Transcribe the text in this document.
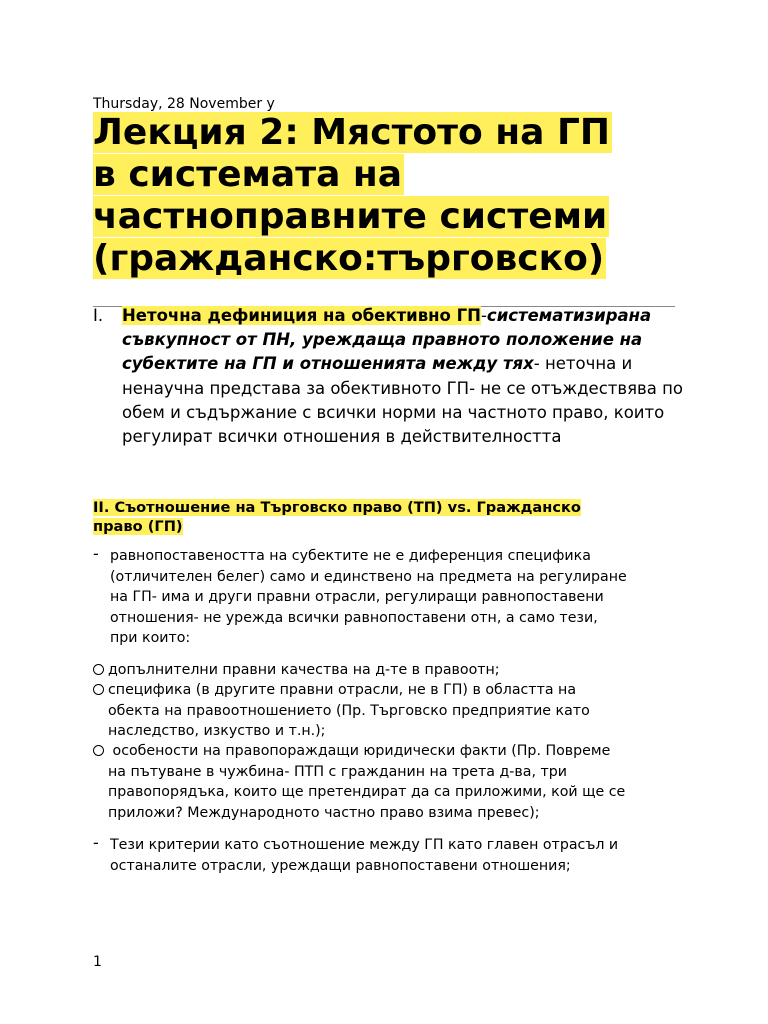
Thursday, 28 November y
Лекция 2: Мястото на ГП
в системата на
частноправните системи
(гражданско:търговско)
I. Неточна дефиниция на обективно ГП-систематизирана съвкупност от ПН, уреждаща правното положение на субектите на ГП и отношенията между тях- неточна и ненаучна представа за обективното ГП- не се отъждествява по обем и съдържание с всички норми на частното право, които регулират всички отношения в действителността
II. Съотношение на Търговско право (ТП) vs. Гражданско
право (ГП)
- равнопоставеността на субектите не е диференция специфика
(отличителен белег) само и единствено на предмета на регулиране
на ГП- има и други правни отрасли, регулиращи равнопоставени
отношения- не урежда всички равнопоставени отн, а само тези,
при които:
допълнителни правни качества на д-те в правоотн;
специфика (в другите правни отрасли, не в ГП) в областта на
обекта на правоотношението (Пр. Търговско предприятие като
наследство, изкуство и т.н.);
особености на правопораждащи юридически факти (Пр. Повреме
на пътуване в чужбина- ПТП с гражданин на трета д-ва, три
правопорядъка, които ще претендират да са приложими, кой ще се
приложи? Международното частно право взима превес);
- Тези критерии като съотношение между ГП като главен отрасъл и
останалите отрасли, уреждащи равнопоставени отношения;
1
